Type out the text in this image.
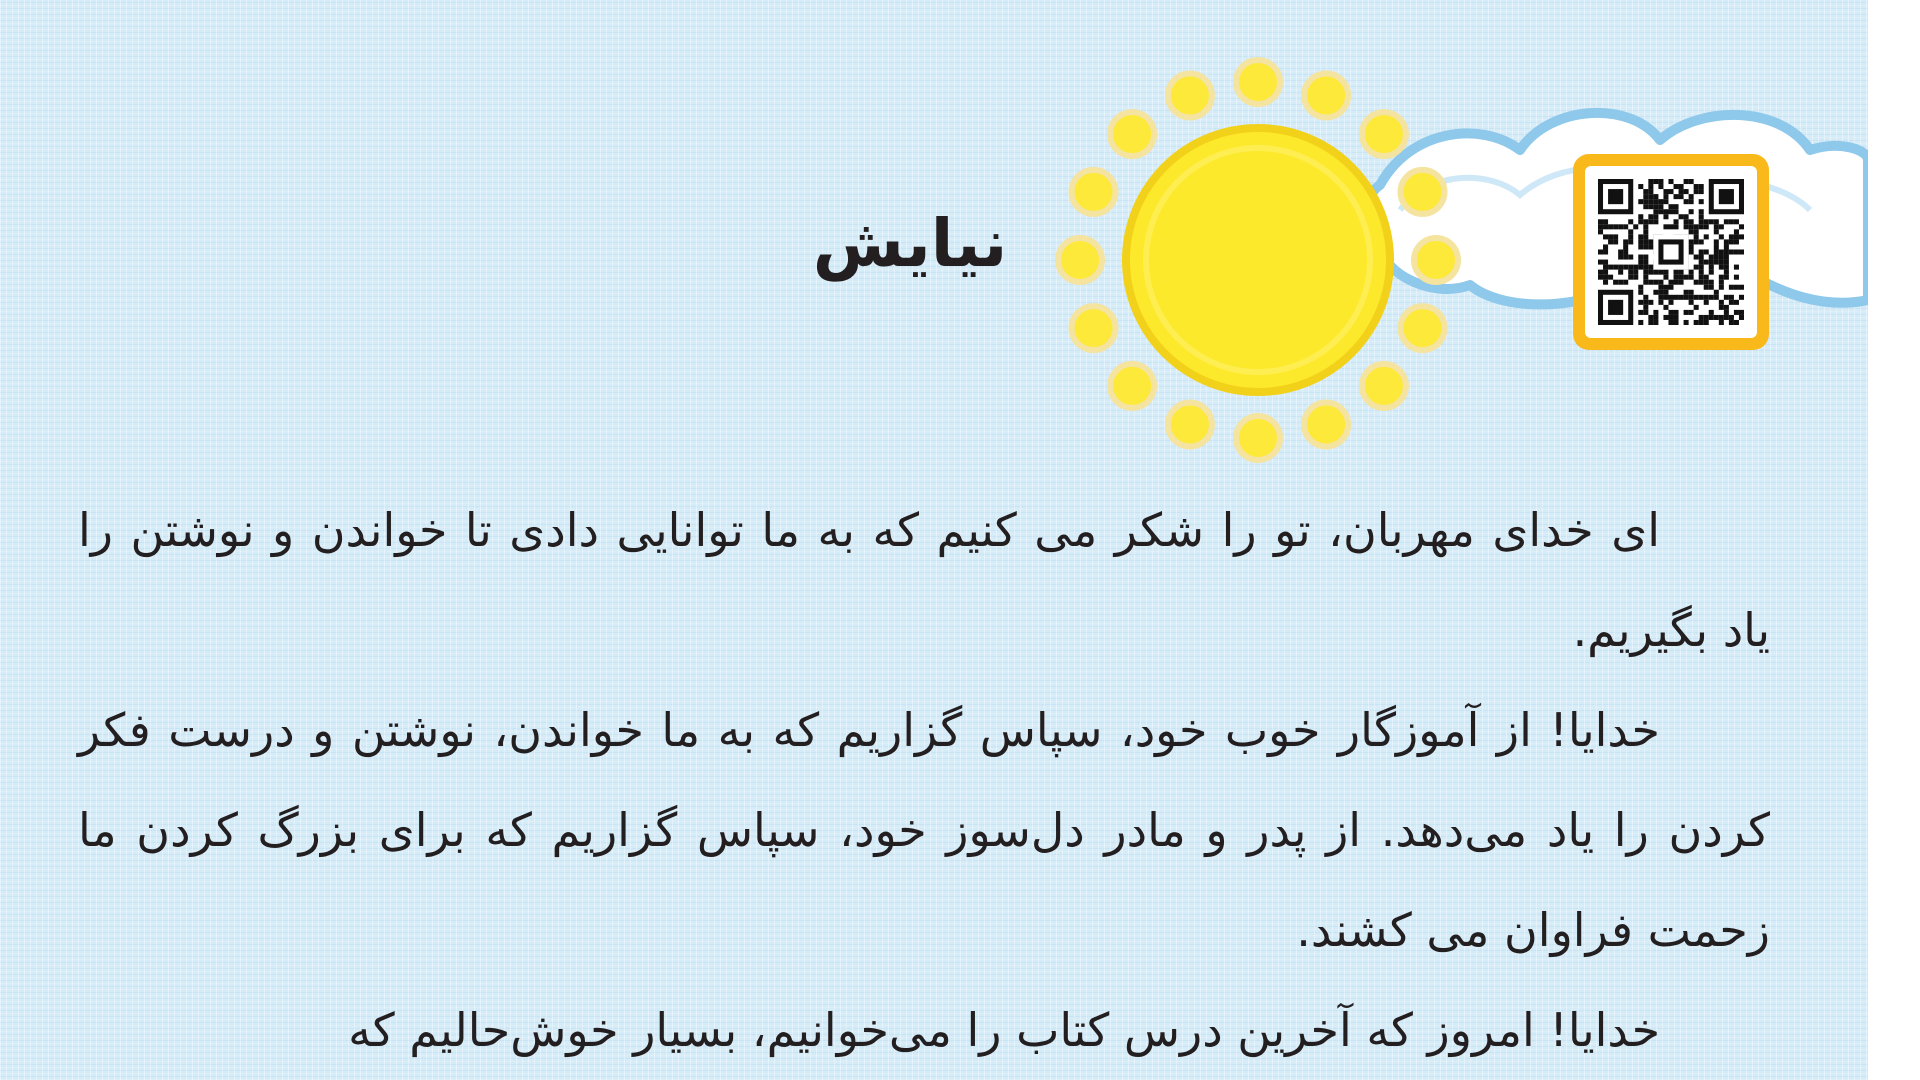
نیایش

ای خدای مهربان، تو را شکر می کنیم که به ما توانایی دادی تا خواندن و نوشتن را یاد بگیریم.

خدایا! از آموزگار خوب خود، سپاس گزاریم که به ما خواندن، نوشتن و درست فکر کردن را یاد می‌دهد. از پدر و مادر دل‌سوز خود، سپاس گزاریم که برای بزرگ کردن ما زحمت فراوان می کشند.

خدایا! امروز که آخرین درس کتاب را می‌خوانیم، بسیار خوش‌حالیم که
